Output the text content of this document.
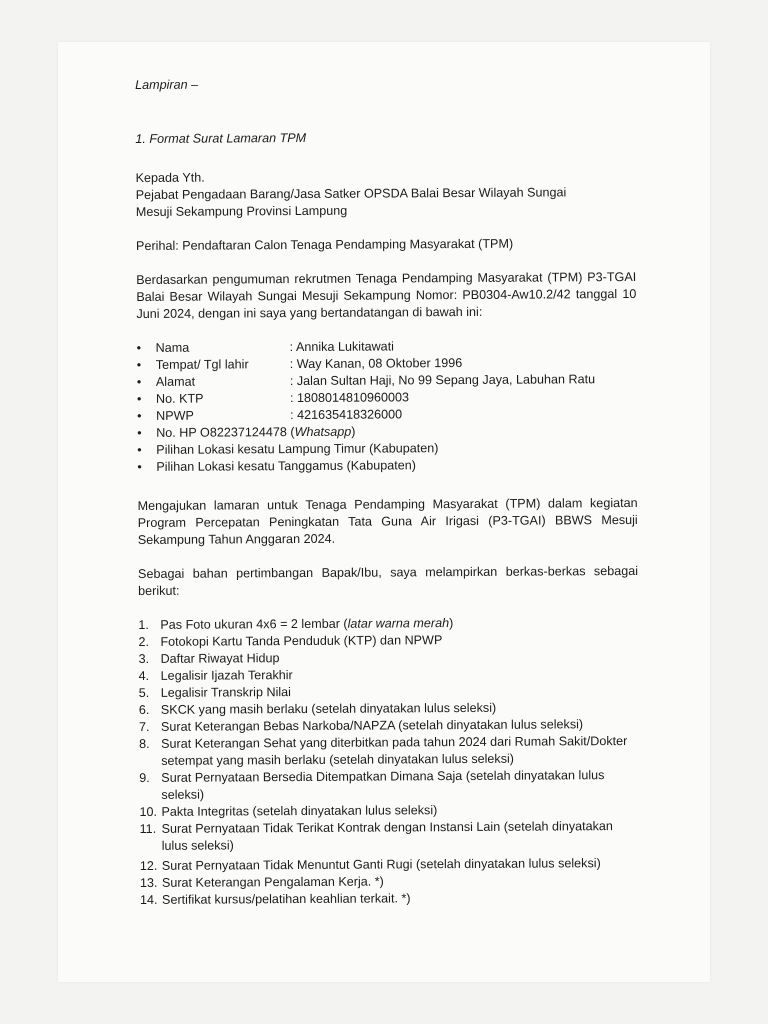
Lampiran –

1. Format Surat Lamaran TPM

Kepada Yth.

Pejabat Pengadaan Barang/Jasa Satker OPSDA Balai Besar Wilayah Sungai

Mesuji Sekampung Provinsi Lampung

Perihal: Pendaftaran Calon Tenaga Pendamping Masyarakat (TPM)

Berdasarkan pengumuman rekrutmen Tenaga Pendamping Masyarakat (TPM) P3-TGAI Balai Besar Wilayah Sungai Mesuji Sekampung Nomor: PB0304-Aw10.2/42 tanggal 10 Juni 2024, dengan ini saya yang bertandatangan di bawah ini:

• Nama	: Annika Lukitawati
• Tempat/ Tgl lahir	: Way Kanan, 08 Oktober 1996
• Alamat	: Jalan Sultan Haji, No 99 Sepang Jaya, Labuhan Ratu
• No. KTP	: 1808014810960003
• NPWP	: 421635418326000
• No. HP O82237124478 (Whatsapp)
• Pilihan Lokasi kesatu Lampung Timur (Kabupaten)
• Pilihan Lokasi kesatu Tanggamus (Kabupaten)

Mengajukan lamaran untuk Tenaga Pendamping Masyarakat (TPM) dalam kegiatan Program Percepatan Peningkatan Tata Guna Air Irigasi (P3-TGAI) BBWS Mesuji Sekampung Tahun Anggaran 2024.

Sebagai bahan pertimbangan Bapak/Ibu, saya melampirkan berkas-berkas sebagai berikut:

1. Pas Foto ukuran 4x6 = 2 lembar (latar warna merah)
2. Fotokopi Kartu Tanda Penduduk (KTP) dan NPWP
3. Daftar Riwayat Hidup
4. Legalisir Ijazah Terakhir
5. Legalisir Transkrip Nilai
6. SKCK yang masih berlaku (setelah dinyatakan lulus seleksi)
7. Surat Keterangan Bebas Narkoba/NAPZA (setelah dinyatakan lulus seleksi)
8. Surat Keterangan Sehat yang diterbitkan pada tahun 2024 dari Rumah Sakit/Dokter setempat yang masih berlaku (setelah dinyatakan lulus seleksi)
9. Surat Pernyataan Bersedia Ditempatkan Dimana Saja (setelah dinyatakan lulus seleksi)
10. Pakta Integritas (setelah dinyatakan lulus seleksi)
11. Surat Pernyataan Tidak Terikat Kontrak dengan Instansi Lain (setelah dinyatakan lulus seleksi)
12. Surat Pernyataan Tidak Menuntut Ganti Rugi (setelah dinyatakan lulus seleksi)
13. Surat Keterangan Pengalaman Kerja. *)
14. Sertifikat kursus/pelatihan keahlian terkait. *)
